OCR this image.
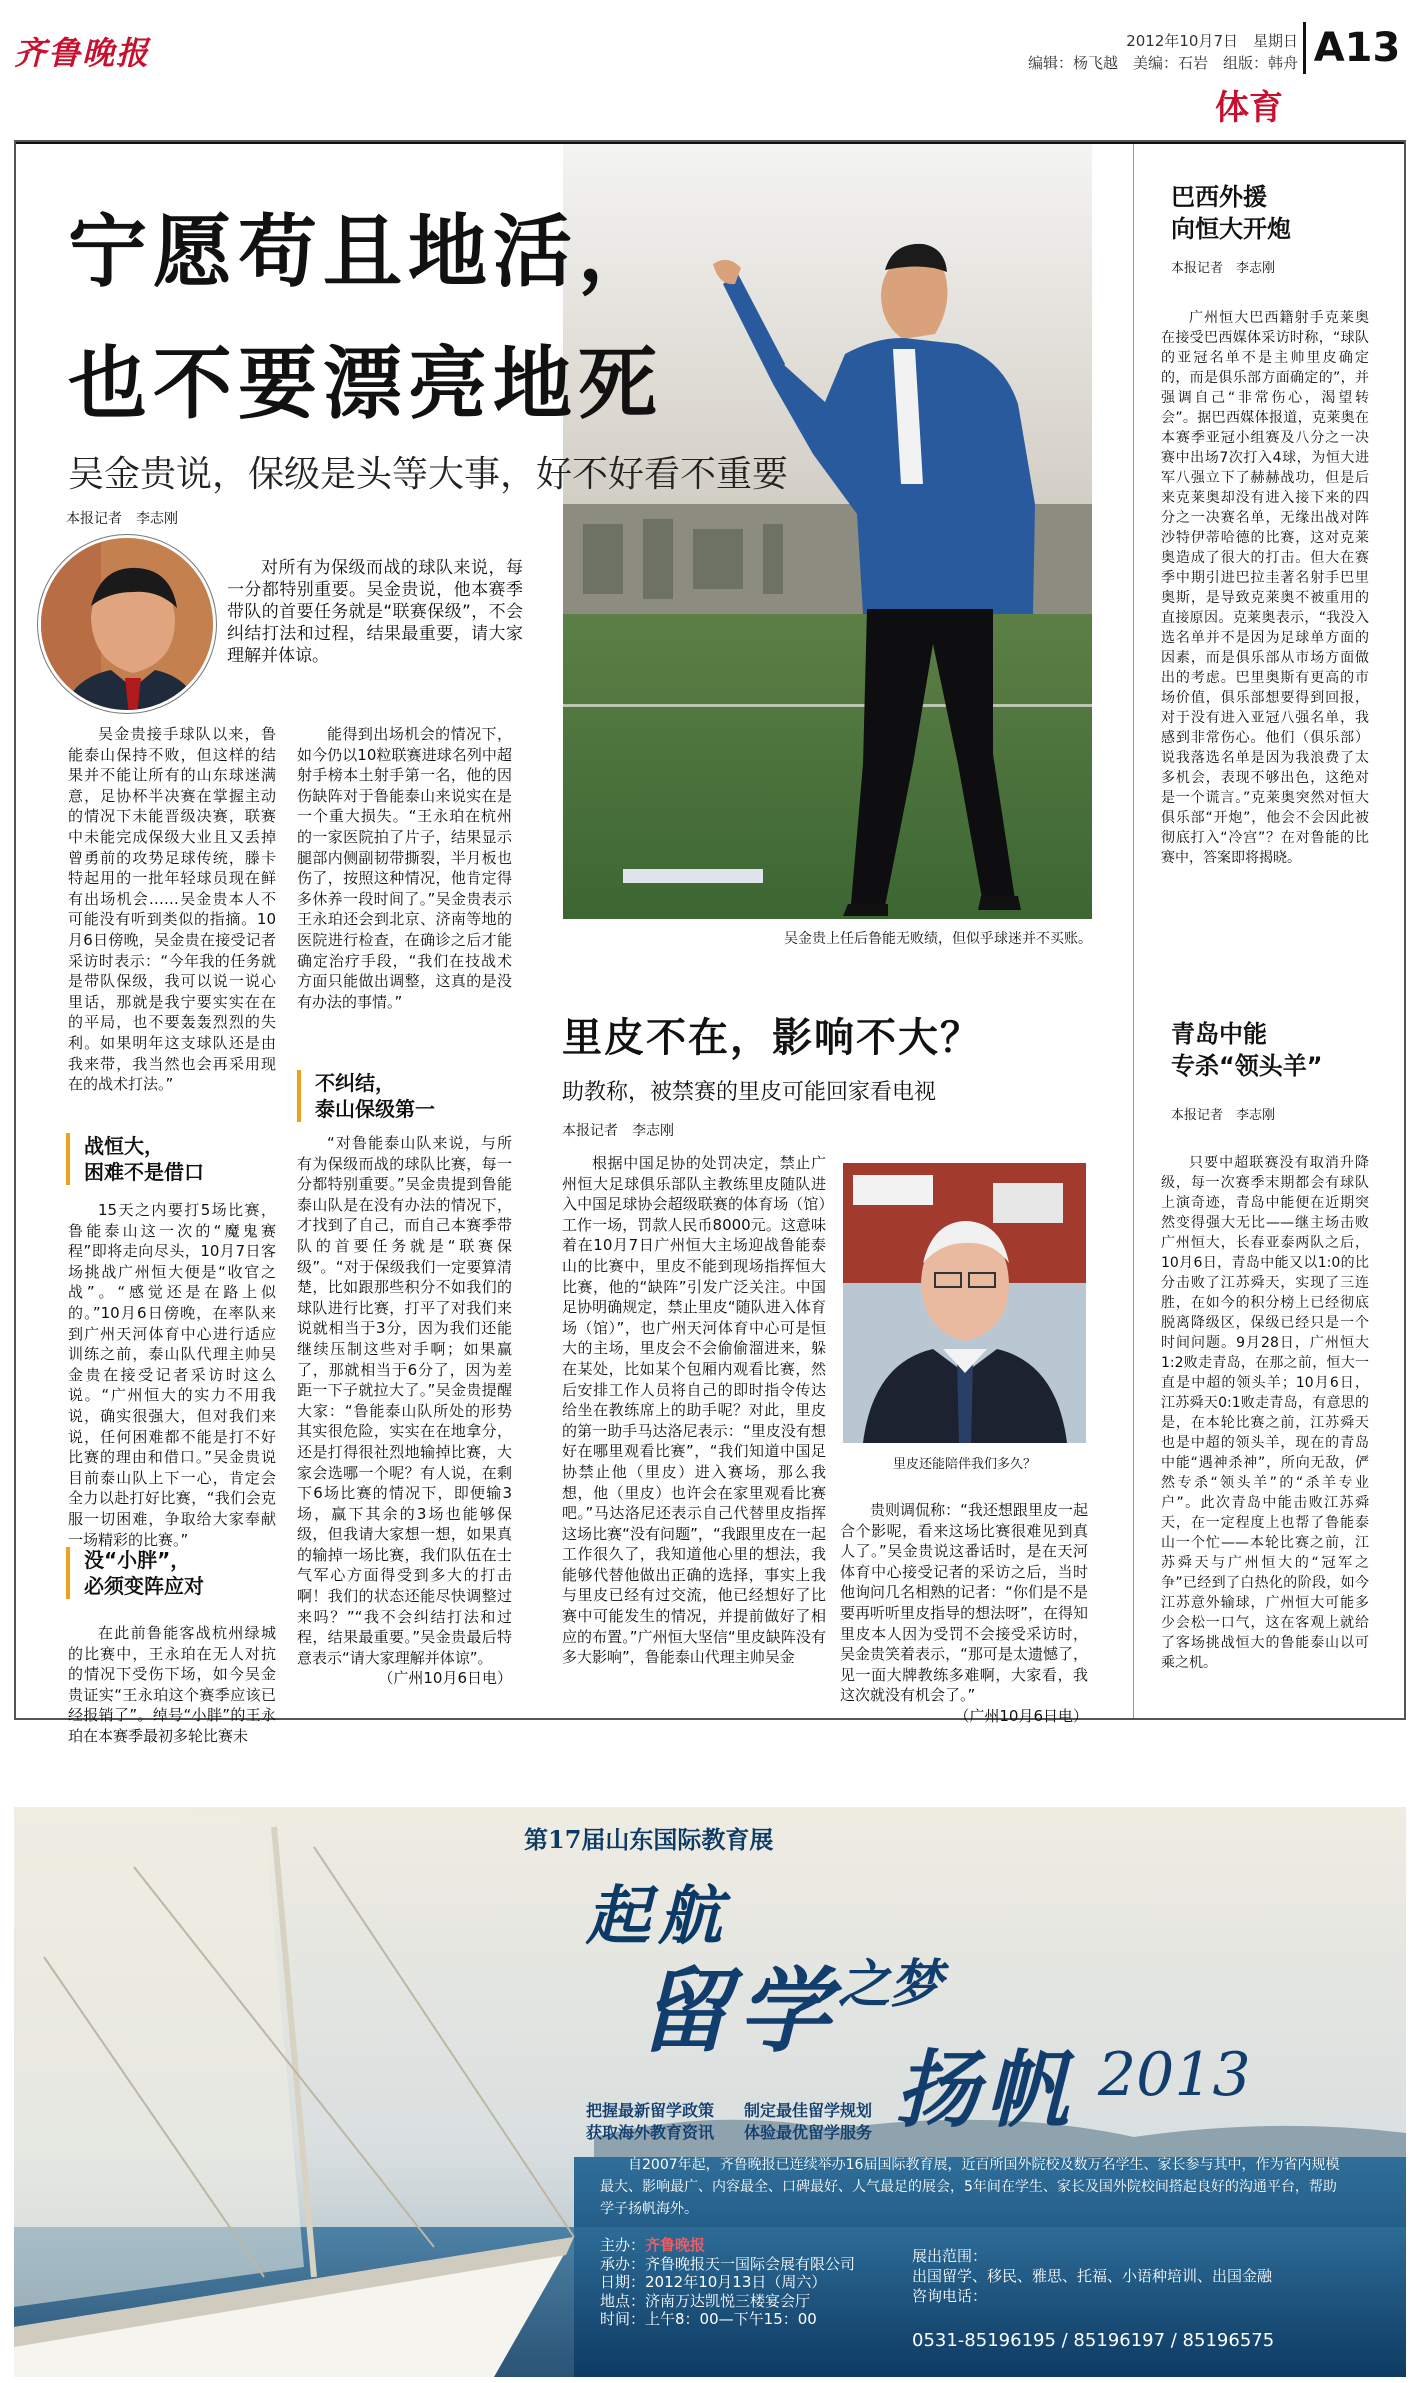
齐鲁晚报	2012年10月7日　星期日
编辑：杨飞越　美编：石岩　组版：韩舟 A13
体育
吴金贵上任后鲁能无败绩，但似乎球迷并不买账。
宁愿苟且地活，
也不要漂亮地死
吴金贵说，保级是头等大事，好不好看不重要
本报记者　李志刚
对所有为保级而战的球队来说，每一分都特别重要。吴金贵说，他本赛季带队的首要任务就是“联赛保级”，不会纠结打法和过程，结果最重要，请大家理解并体谅。

吴金贵接手球队以来，鲁能泰山保持不败，但这样的结果并不能让所有的山东球迷满意，足协杯半决赛在掌握主动的情况下未能晋级决赛，联赛中未能完成保级大业且又丢掉曾勇前的攻势足球传统，滕卡特起用的一批年轻球员现在鲜有出场机会……吴金贵本人不可能没有听到类似的指摘。10月6日傍晚，吴金贵在接受记者采访时表示：“今年我的任务就是带队保级，我可以说一说心里话，那就是我宁要实实在在的平局，也不要轰轰烈烈的失利。如果明年这支球队还是由我来带，我当然也会再采用现在的战术打法。”

战恒大，
困难不是借口

15天之内要打5场比赛，鲁能泰山这一次的“魔鬼赛程”即将走向尽头，10月7日客场挑战广州恒大便是“收官之战”。“感觉还是在路上似的。”10月6日傍晚，在率队来到广州天河体育中心进行适应训练之前，泰山队代理主帅吴金贵在接受记者采访时这么说。“广州恒大的实力不用我说，确实很强大，但对我们来说，任何困难都不能是打不好比赛的理由和借口。”吴金贵说目前泰山队上下一心，肯定会全力以赴打好比赛，“我们会克服一切困难，争取给大家奉献一场精彩的比赛。”

没“小胖”，
必须变阵应对

在此前鲁能客战杭州绿城的比赛中，王永珀在无人对抗的情况下受伤下场，如今吴金贵证实“王永珀这个赛季应该已经报销了”。绰号“小胖”的王永珀在本赛季最初多轮比赛未

能得到出场机会的情况下，如今仍以10粒联赛进球名列中超射手榜本土射手第一名，他的因伤缺阵对于鲁能泰山来说实在是一个重大损失。“王永珀在杭州的一家医院拍了片子，结果显示腿部内侧副韧带撕裂，半月板也伤了，按照这种情况，他肯定得多休养一段时间了。”吴金贵表示王永珀还会到北京、济南等地的医院进行检查，在确诊之后才能确定治疗手段，“我们在技战术方面只能做出调整，这真的是没有办法的事情。”

不纠结，
泰山保级第一

“对鲁能泰山队来说，与所有为保级而战的球队比赛，每一分都特别重要。”吴金贵提到鲁能泰山队是在没有办法的情况下，才找到了自己，而自己本赛季带队的首要任务就是“联赛保级”。“对于保级我们一定要算清楚，比如跟那些积分不如我们的球队进行比赛，打平了对我们来说就相当于3分，因为我们还能继续压制这些对手啊；如果赢了，那就相当于6分了，因为差距一下子就拉大了。”吴金贵提醒大家：“鲁能泰山队所处的形势其实很危险，实实在在地拿分，还是打得很社烈地输掉比赛，大家会选哪一个呢？有人说，在剩下6场比赛的情况下，即便输3场，赢下其余的3场也能够保级，但我请大家想一想，如果真的输掉一场比赛，我们队伍在士气军心方面得受到多大的打击啊！我们的状态还能尽快调整过来吗？”“我不会纠结打法和过程，结果最重要。”吴金贵最后特意表示“请大家理解并体谅”。

（广州10月6日电）
里皮不在，影响不大？
助教称，被禁赛的里皮可能回家看电视
本报记者　李志刚

根据中国足协的处罚决定，禁止广州恒大足球俱乐部队主教练里皮随队进入中国足球协会超级联赛的体育场（馆）工作一场，罚款人民币8000元。这意味着在10月7日广州恒大主场迎战鲁能泰山的比赛中，里皮不能到现场指挥恒大比赛，他的“缺阵”引发广泛关注。中国足协明确规定，禁止里皮“随队进入体育场（馆）”，也广州天河体育中心可是恒大的主场，里皮会不会偷偷溜进来，躲在某处，比如某个包厢内观看比赛，然后安排工作人员将自己的即时指令传达给坐在教练席上的助手呢？对此，里皮的第一助手马达洛尼表示：“里皮没有想好在哪里观看比赛”，“我们知道中国足协禁止他（里皮）进入赛场，那么我想，他（里皮）也许会在家里观看比赛吧。”马达洛尼还表示自己代替里皮指挥这场比赛“没有问题”，“我跟里皮在一起工作很久了，我知道他心里的想法，我能够代替他做出正确的选择，事实上我与里皮已经有过交流，他已经想好了比赛中可能发生的情况，并提前做好了相应的布置。”广州恒大坚信“里皮缺阵没有多大影响”，鲁能泰山代理主帅吴金

里皮还能陪伴我们多久？

贵则调侃称：“我还想跟里皮一起合个影呢，看来这场比赛很难见到真人了。”吴金贵说这番话时，是在天河体育中心接受记者的采访之后，当时他询问几名相熟的记者：“你们是不是要再听听里皮指导的想法呀”，在得知里皮本人因为受罚不会接受采访时，吴金贵笑着表示，“那可是太遗憾了，见一面大牌教练多难啊，大家看，我这次就没有机会了。”

（广州10月6日电）
巴西外援
向恒大开炮
本报记者　李志刚

广州恒大巴西籍射手克莱奥在接受巴西媒体采访时称，“球队的亚冠名单不是主帅里皮确定的，而是俱乐部方面确定的”，并强调自己“非常伤心，渴望转会”。据巴西媒体报道，克莱奥在本赛季亚冠小组赛及八分之一决赛中出场7次打入4球，为恒大进军八强立下了赫赫战功，但是后来克莱奥却没有进入接下来的四分之一决赛名单，无缘出战对阵沙特伊蒂哈德的比赛，这对克莱奥造成了很大的打击。但大在赛季中期引进巴拉圭著名射手巴里奥斯，是导致克莱奥不被重用的直接原因。克莱奥表示，“我没入选名单并不是因为足球单方面的因素，而是俱乐部从市场方面做出的考虑。巴里奥斯有更高的市场价值，俱乐部想要得到回报，对于没有进入亚冠八强名单，我感到非常伤心。他们（俱乐部）说我落选名单是因为我浪费了太多机会，表现不够出色，这绝对是一个谎言。”克莱奥突然对恒大俱乐部“开炮”，他会不会因此被彻底打入“冷宫”？在对鲁能的比赛中，答案即将揭晓。

青岛中能
专杀“领头羊”
本报记者　李志刚

只要中超联赛没有取消升降级，每一次赛季末期都会有球队上演奇迹，青岛中能便在近期突然变得强大无比——继主场击败广州恒大，长春亚泰两队之后，10月6日，青岛中能又以1:0的比分击败了江苏舜天，实现了三连胜，在如今的积分榜上已经彻底脱离降级区，保级已经只是一个时间问题。9月28日，广州恒大1:2败走青岛，在那之前，恒大一直是中超的领头羊；10月6日，江苏舜天0:1败走青岛，有意思的是，在本轮比赛之前，江苏舜天也是中超的领头羊，现在的青岛中能“遇神杀神”，所向无敌，俨然专杀“领头羊”的“杀羊专业户”。此次青岛中能击败江苏舜天，在一定程度上也帮了鲁能泰山一个忙——本轮比赛之前，江苏舜天与广州恒大的“冠军之争”已经到了白热化的阶段，如今江苏意外输球，广州恒大可能多少会松一口气，这在客观上就给了客场挑战恒大的鲁能泰山以可乘之机。

第17届山东国际教育展
起航
留学 之梦
扬帆 2013
把握最新留学政策 制定最佳留学规划
获取海外教育资讯 体验最优留学服务
自2007年起，齐鲁晚报已连续举办16届国际教育展，近百所国外院校及数万名学生、家长参与其中，作为省内规模最大、影响最广、内容最全、口碑最好、人气最足的展会，5年间在学生、家长及国外院校间搭起良好的沟通平台，帮助学子扬帆海外。
主办：齐鲁晚报
承办：齐鲁晚报天一国际会展有限公司
日期：2012年10月13日（周六）
地点：济南万达凯悦三楼宴会厅
时间：上午8：00—下午15：00
展出范围：
出国留学、移民、雅思、托福、小语种培训、出国金融
咨询电话：
0531-85196195 / 85196197 / 85196575
